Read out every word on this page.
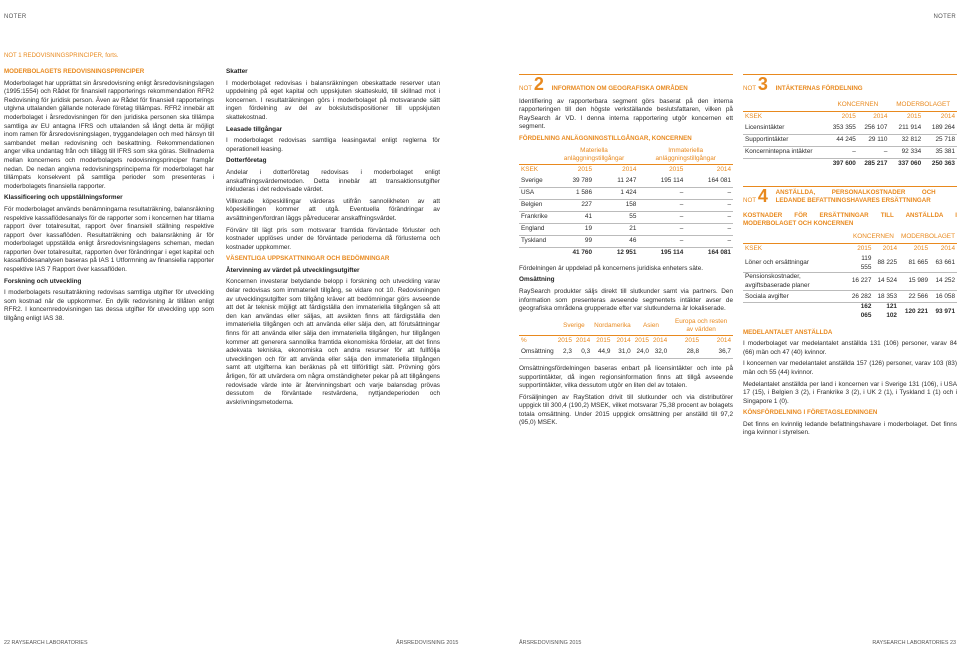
NOTER	NOTER
NOT 1 REDOVISNINGSPRINCIPER, forts.

MODERBOLAGETS REDOVISNINGSPRINCIPER

Moderbolaget har upprättat sin årsredovisning enligt årsredovisningslagen (1995:1554) och Rådet för finansiell rapporterings rekommendation RFR2 Redovisning för juridisk person. Även av Rådet för finansiell rapporterings utgivna uttalanden gällande noterade företag tillämpas. RFR2 innebär att moderbolaget i årsredovisningen för den juridiska personen ska tillämpa samtliga av EU antagna IFRS och uttalanden så långt detta är möjligt inom ramen för årsredovisningslagen, tryggandelagen och med hänsyn till sambandet mellan redovisning och beskattning. Rekommendationen anger vilka undantag från och tillägg till IFRS som ska göras. Skillnaderna mellan koncernens och moderbolagets redovisningsprinciper framgår nedan. De nedan angivna redovisningsprinciperna för moderbolaget har tillämpats konsekvent på samtliga perioder som presenteras i moderbolagets finansiella rapporter.

Klassificering och uppställningsformer

För moderbolaget används benämningarna resultaträkning, balansräkning respektive kassaflödesanalys för de rapporter som i koncernen har titlarna rapport över totalresultat, rapport över finansiell ställning respektive rapport över kassaflöden. Resultaträkning och balansräkning är för moderbolaget uppställda enligt årsredovisningslagens scheman, medan rapporten över totalresultat, rapporten över förändringar i eget kapital och kassaflödesanalysen baseras på IAS 1 Utformning av finansiella rapporter respektive IAS 7 Rapport över kassaflöden.

Forskning och utveckling

I moderbolagets resultaträkning redovisas samtliga utgifter för utveckling som kostnad när de uppkommer. En dylik redovisning är tillåten enligt RFR2. I koncernredovisningen tas dessa utgifter för utveckling upp som tillgång enligt IAS 38.

Skatter

I moderbolaget redovisas i balansräkningen obeskattade reserver utan uppdelning på eget kapital och uppskjuten skatteskuld, till skillnad mot i koncernen. I resultaträkningen görs i moderbolaget på motsvarande sätt ingen fördelning av del av bokslutsdispositioner till uppskjuten skattekostnad.

Leasade tillgångar

I moderbolaget redovisas samtliga leasingavtal enligt reglerna för operationell leasing.

Dotterföretag

Andelar i dotterföretag redovisas i moderbolaget enligt anskaffningsvärdemetoden. Detta innebär att transaktionsutgifter inkluderas i det redovisade värdet.

Villkorade köpeskillingar värderas utifrån sannolikheten av att köpeskillingen kommer att utgå. Eventuella förändringar av avsättningen/fordran läggs på/reducerar anskaffningsvärdet.

Förvärv till lägt pris som motsvarar framtida förväntade förluster och kostnader upplöses under de förväntade perioderna då förlusterna och kostnader uppkommer.

VÄSENTLIGA UPPSKATTNINGAR OCH BEDÖMNINGAR

Återvinning av värdet på utvecklingsutgifter

Koncernen investerar betydande belopp i forskning och utveckling varav delar redovisas som immateriell tillgång, se vidare not 10. Redovisningen av utvecklingsutgifter som tillgång kräver att bedömningar görs avseende att det är teknisk möjligt att färdigställa den immateriella tillgången så att den kan användas eller säljas, att avsikten finns att färdigställa den immateriella tillgången och att använda eller sälja den, att förutsättningar finns för att använda eller sälja den immateriella tillgången, hur tillgången kommer att generera sannolika framtida ekonomiska fördelar, att det finns adekvata tekniska, ekonomiska och andra resurser för att fullfölja utvecklingen och för att använda eller sälja den immateriella tillgången samt att utgifterna kan beräknas på ett tillförlitligt sätt. Prövning görs årligen, för att utvärdera om några omständigheter pekar på att tillgångens redovisade värde inte är återvinningsbart och varje balansdag prövas dessutom de förväntade restvärdena, nyttjandeperioden och avskrivningsmetoderna.

NOT 2 INFORMATION OM GEOGRAFISKA OMRÅDEN

Identifiering av rapporterbara segment görs baserat på den interna rapporteringen till den högste verkställande beslutsfattaren, vilken på RaySearch är VD. I denna interna rapportering utgör koncernen ett segment.

FÖRDELNING ANLÄGGNINGSTILLGÅNGAR, KONCERNEN

	Materiella anläggningstillgångar		Immateriella anläggningstillgångar	
KSEK	2015	2014	2015	2014
Sverige	39 789	11 247	195 114	164 081
USA	1 586	1 424	–	–
Belgien	227	158	–	–
Frankrike	41	55	–	–
England	19	21	–	–
Tyskland	99	46	–	–
	41 760	12 951	195 114	164 081

Fördelningen är uppdelad på koncernens juridiska enheters säte.

Omsättning

RaySearch produkter säljs direkt till slutkunder samt via partners. Den information som presenteras avseende segmentets intäkter avser de geografiska områdena grupperade efter var slutkunderna är lokaliserade.

	Sverige		Nordamerika		Asien		Europa och resten av världen	
%	2015	2014	2015	2014	2015	2014	2015	2014
Omsättning	2,3	0,3	44,9	31,0	24,0	32,0	28,8	36,7

Omsättningsfördelningen baseras enbart på licensintäkter och inte på supportintäkter, då ingen regionsinformation finns att tillgå avseende supportintäkter, vilka dessutom utgör en liten del av totalen.

Försäljningen av RayStation drivit till slutkunder och via distributörer uppgick till 300,4 (190,2) MSEK, vilket motsvarar 75,38 procent av bolagets totala omsättning. Under 2015 uppgick omsättning per anställd till 97,2 (95,0) MSEK.

NOT 3 INTÄKTERNAS FÖRDELNING
	KONCERNEN		MODERBOLAGET	
KSEK	2015	2014	2015	2014
Licensintäkter	353 355	256 107	211 914	189 264
Supportintäkter	44 245	29 110	32 812	25 718
Koncernintерna intäkter	–	–	92 334	35 381
	397 600	285 217	337 060	250 363
NOT 4 ANSTÄLLDA, PERSONALKOSTNADER OCH LEDANDE BEFATTNINGSHAVARES ERSÄTTNINGAR

KOSTNADER FÖR ERSÄTTNINGAR TILL ANSTÄLLDA I MODERBOLAGET OCH KONCERNEN

	KONCERNEN		MODERBOLAGET	
KSEK	2015	2014	2015	2014
Löner och ersättningar	119 555	88 225	81 665	63 661
Pensionskostnader, avgiftsbaserade planer	16 227	14 524	15 989	14 252
Sociala avgifter	26 282	18 353	22 566	16 058
	162 065	121 102	120 221	93 971

MEDELANTALET ANSTÄLLDA

I moderbolaget var medelantalet anställda 131 (106) personer, varav 84 (66) män och 47 (40) kvinnor.

I koncernen var medelantalet anställda 157 (126) personer, varav 103 (83) män och 55 (44) kvinnor.

Medelantalet anställda per land i koncernen var i Sverige 131 (106), i USA 17 (15), i Belgien 3 (2), i Frankrike 3 (2), i UK 2 (1), i Tyskland 1 (1) och i Singapore 1 (0).

KÖNSFÖRDELNING I FÖRETAGSLEDNINGEN

Det finns en kvinnlig ledande befattningshavare i moderbolaget. Det finns inga kvinnor i styrelsen.

22 RAYSEARCH LABORATORIES	ÅRSREDOVISNING 2015	ÅRSREDOVISNING 2015	RAYSEARCH LABORATORIES 23
